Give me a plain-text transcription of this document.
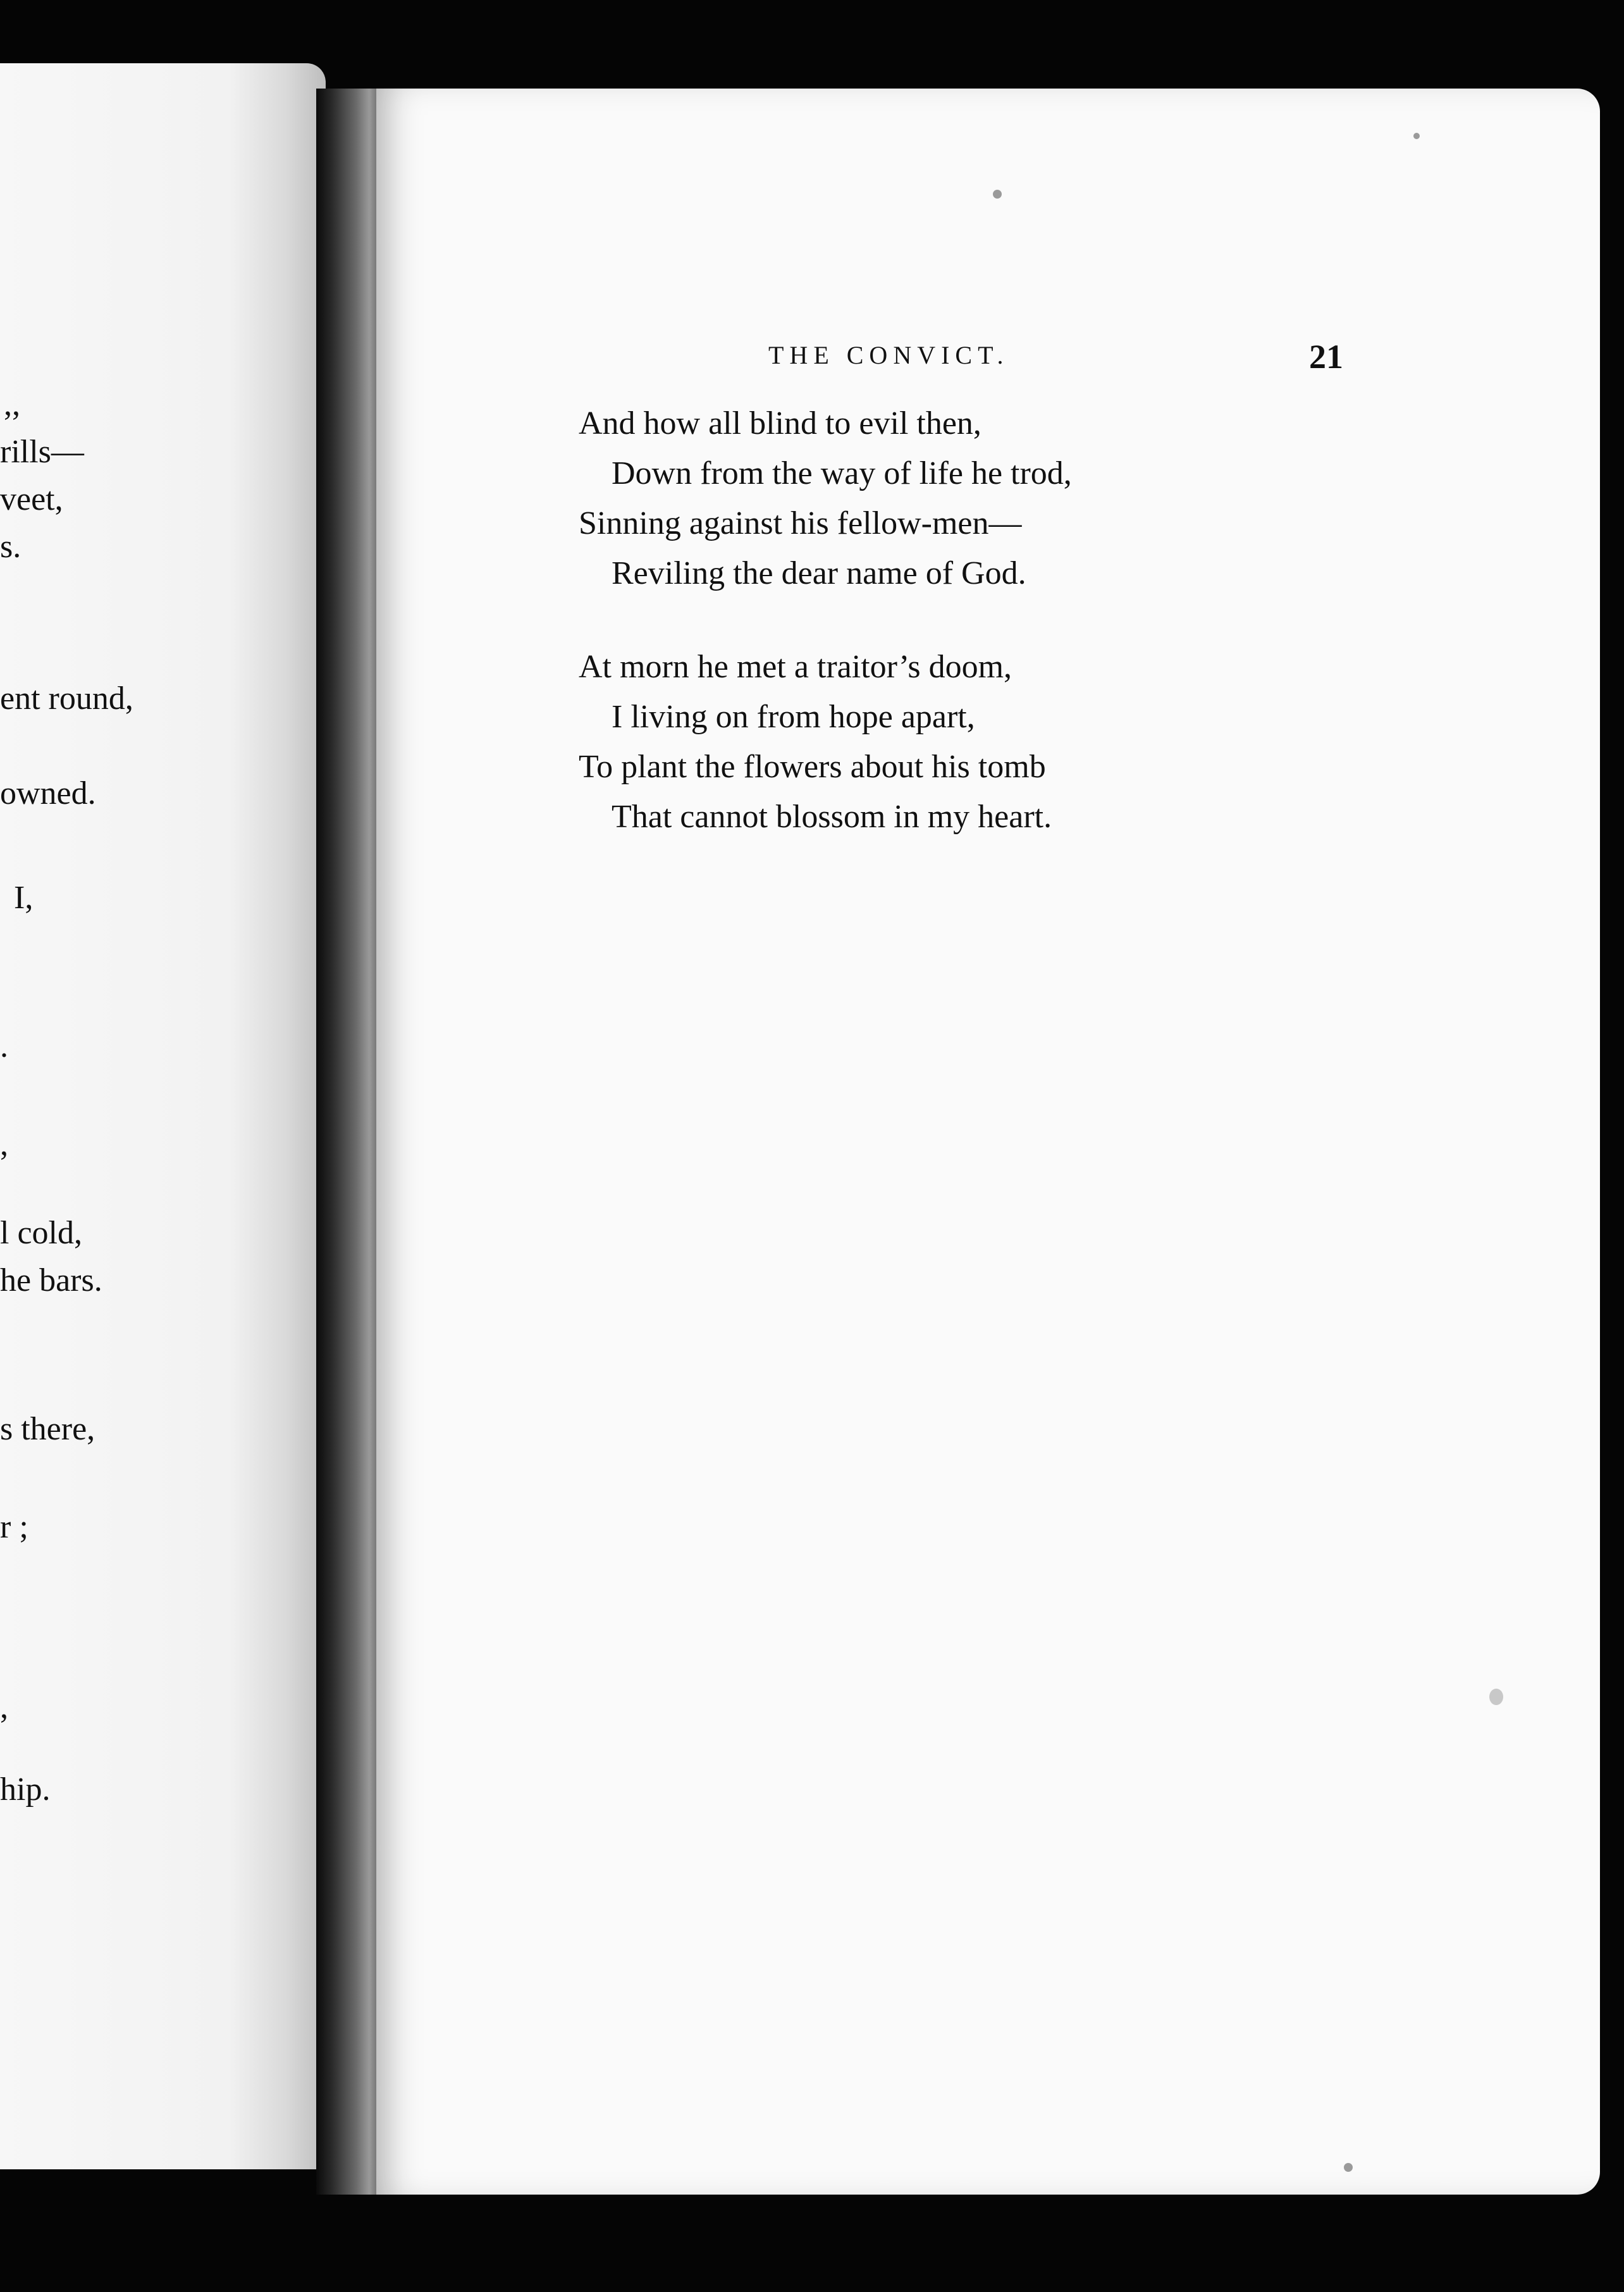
,,
rills—
veet,
s.
ent round,
owned.
I,
.
,
l cold,
he bars.
s there,
r ;
,
hip.
THE CONVICT.	21
And how all blind to evil then,
Down from the way of life he trod,
Sinning against his fellow-men—
Reviling the dear name of God.
At morn he met a traitor’s doom,
I living on from hope apart,
To plant the flowers about his tomb
That cannot blossom in my heart.
